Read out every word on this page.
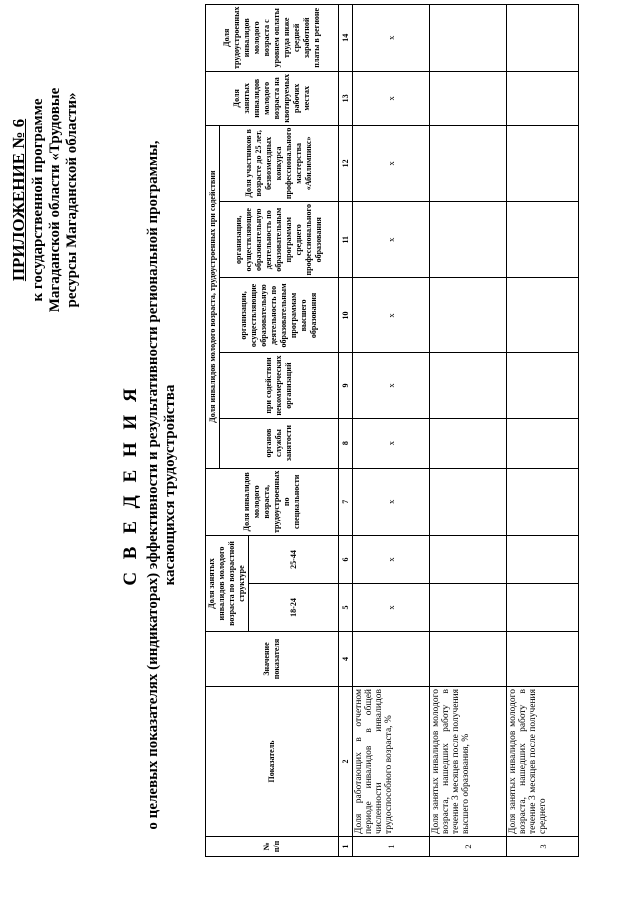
ПРИЛОЖЕНИЕ № 6 к государственной программе Магаданской области «Трудовые ресурсы Магаданской области»
С В Е Д Е Н И Я о целевых показателях (индикаторах) эффективности и результативности региональной программы, касающихся трудоустройства
№ п/п	Показатель	Значение показателя	Доля занятых инвалидов молодого возраста по возрастной структуре		Доля инвалидов молодого возраста, трудоустроенных по специальности	Доля инвалидов молодого возраста, трудоустроенных при содействии					Доля занятых инвалидов молодого возраста на квотируемых рабочих местах	Доля трудоустроенных инвалидов молодого возраста с уровнем оплаты труда ниже средней заработной платы в регионе
						органов службы занятости	при содействии некоммерческих организаций	организации, осуществляющие образовательную деятельность по образовательным программам высшего образования	организации, осуществляющие образовательную деятельность по образовательным программам среднего профессионального образования	Доля участников в возрасте до 25 лет, безвозмездных конкурса профессионального мастерства «Абилимпикс»		
			18-24	25-44								
1	2	4	5	6	7	8	9	10	11	12	13	14
1	Доля работающих в отчетном периоде инвалидов в общей численности инвалидов трудоспособного возраста, %		х	х	х	х	х	х	х	х	х	х
2	Доля занятых инвалидов молодого возраста, нашедших работу в течение 3 месяцев после получения высшего образования, %											
3	Доля занятых инвалидов молодого возраста, нашедших работу в течение 3 месяцев после получения среднего											
